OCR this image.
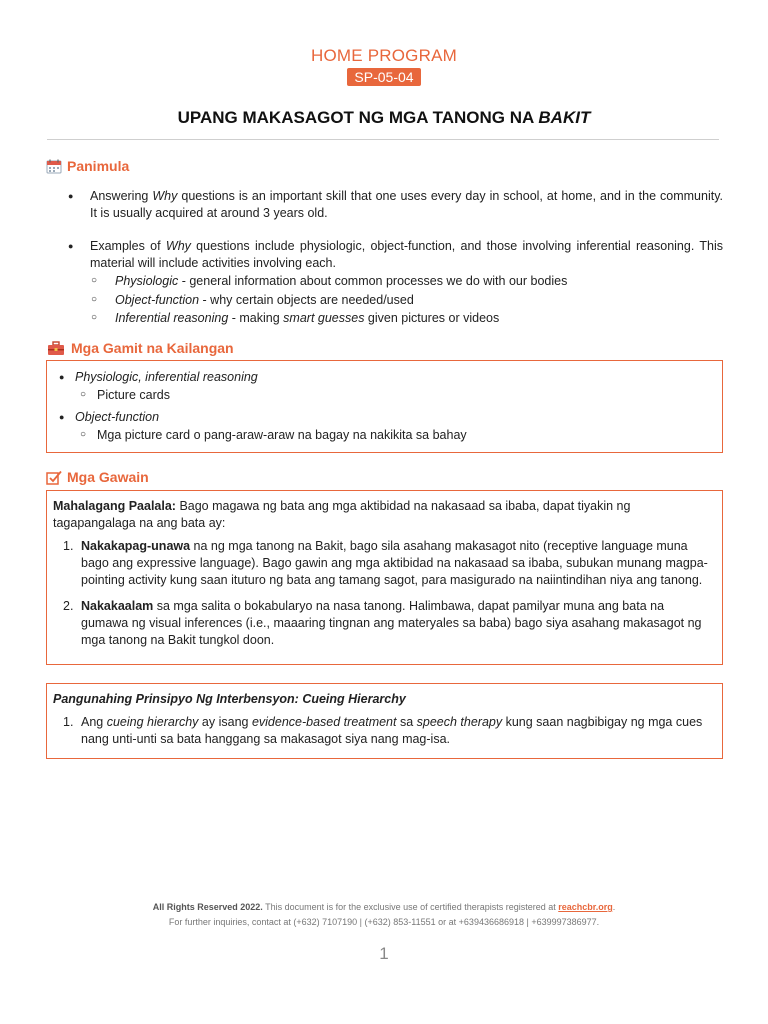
HOME PROGRAM
SP-05-04
UPANG MAKASAGOT NG MGA TANONG NA BAKIT
Panimula
● Answering Why questions is an important skill that one uses every day in school, at home, and in the community. It is usually acquired at around 3 years old.
● Examples of Why questions include physiologic, object-function, and those involving inferential reasoning. This material will include activities involving each.
○ Physiologic - general information about common processes we do with our bodies
○ Object-function - why certain objects are needed/used
○ Inferential reasoning - making smart guesses given pictures or videos
Mga Gamit na Kailangan
● Physiologic, inferential reasoning
○ Picture cards
● Object-function
○ Mga picture card o pang-araw-araw na bagay na nakikita sa bahay
Mga Gawain
Mahalagang Paalala: Bago magawa ng bata ang mga aktibidad na nakasaad sa ibaba, dapat tiyakin ng tagapangalaga na ang bata ay:
1. Nakakapag-unawa na ng mga tanong na Bakit, bago sila asahang makasagot nito (receptive language muna bago ang expressive language). Bago gawin ang mga aktibidad na nakasaad sa ibaba, subukan munang magpa-pointing activity kung saan ituturo ng bata ang tamang sagot, para masigurado na naiintindihan niya ang tanong.
2. Nakakaalam sa mga salita o bokabularyo na nasa tanong. Halimbawa, dapat pamilyar muna ang bata na gumawa ng visual inferences (i.e., maaaring tingnan ang materyales sa baba) bago siya asahang makasagot ng mga tanong na Bakit tungkol doon.
Pangunahing Prinsipyo Ng Interbensyon: Cueing Hierarchy
1. Ang cueing hierarchy ay isang evidence-based treatment sa speech therapy kung saan nagbibigay ng mga cues nang unti-unti sa bata hanggang sa makasagot siya nang mag-isa.
All Rights Reserved 2022. This document is for the exclusive use of certified therapists registered at reachcbr.org.
For further inquiries, contact at (+632) 7107190 | (+632) 853-11551 or at +639436686918 | +639997386977.
1
